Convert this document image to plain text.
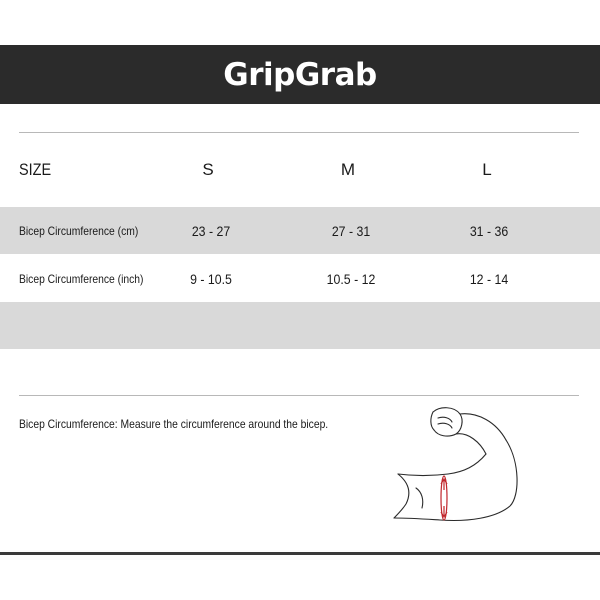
GripGrab
SIZE	S	M	L
Bicep Circumference (cm)	23 - 27	27 - 31	31 - 36
Bicep Circumference (inch)	9 - 10.5	10.5 - 12	12 - 14
Bicep Circumference: Measure the circumference around the bicep.
